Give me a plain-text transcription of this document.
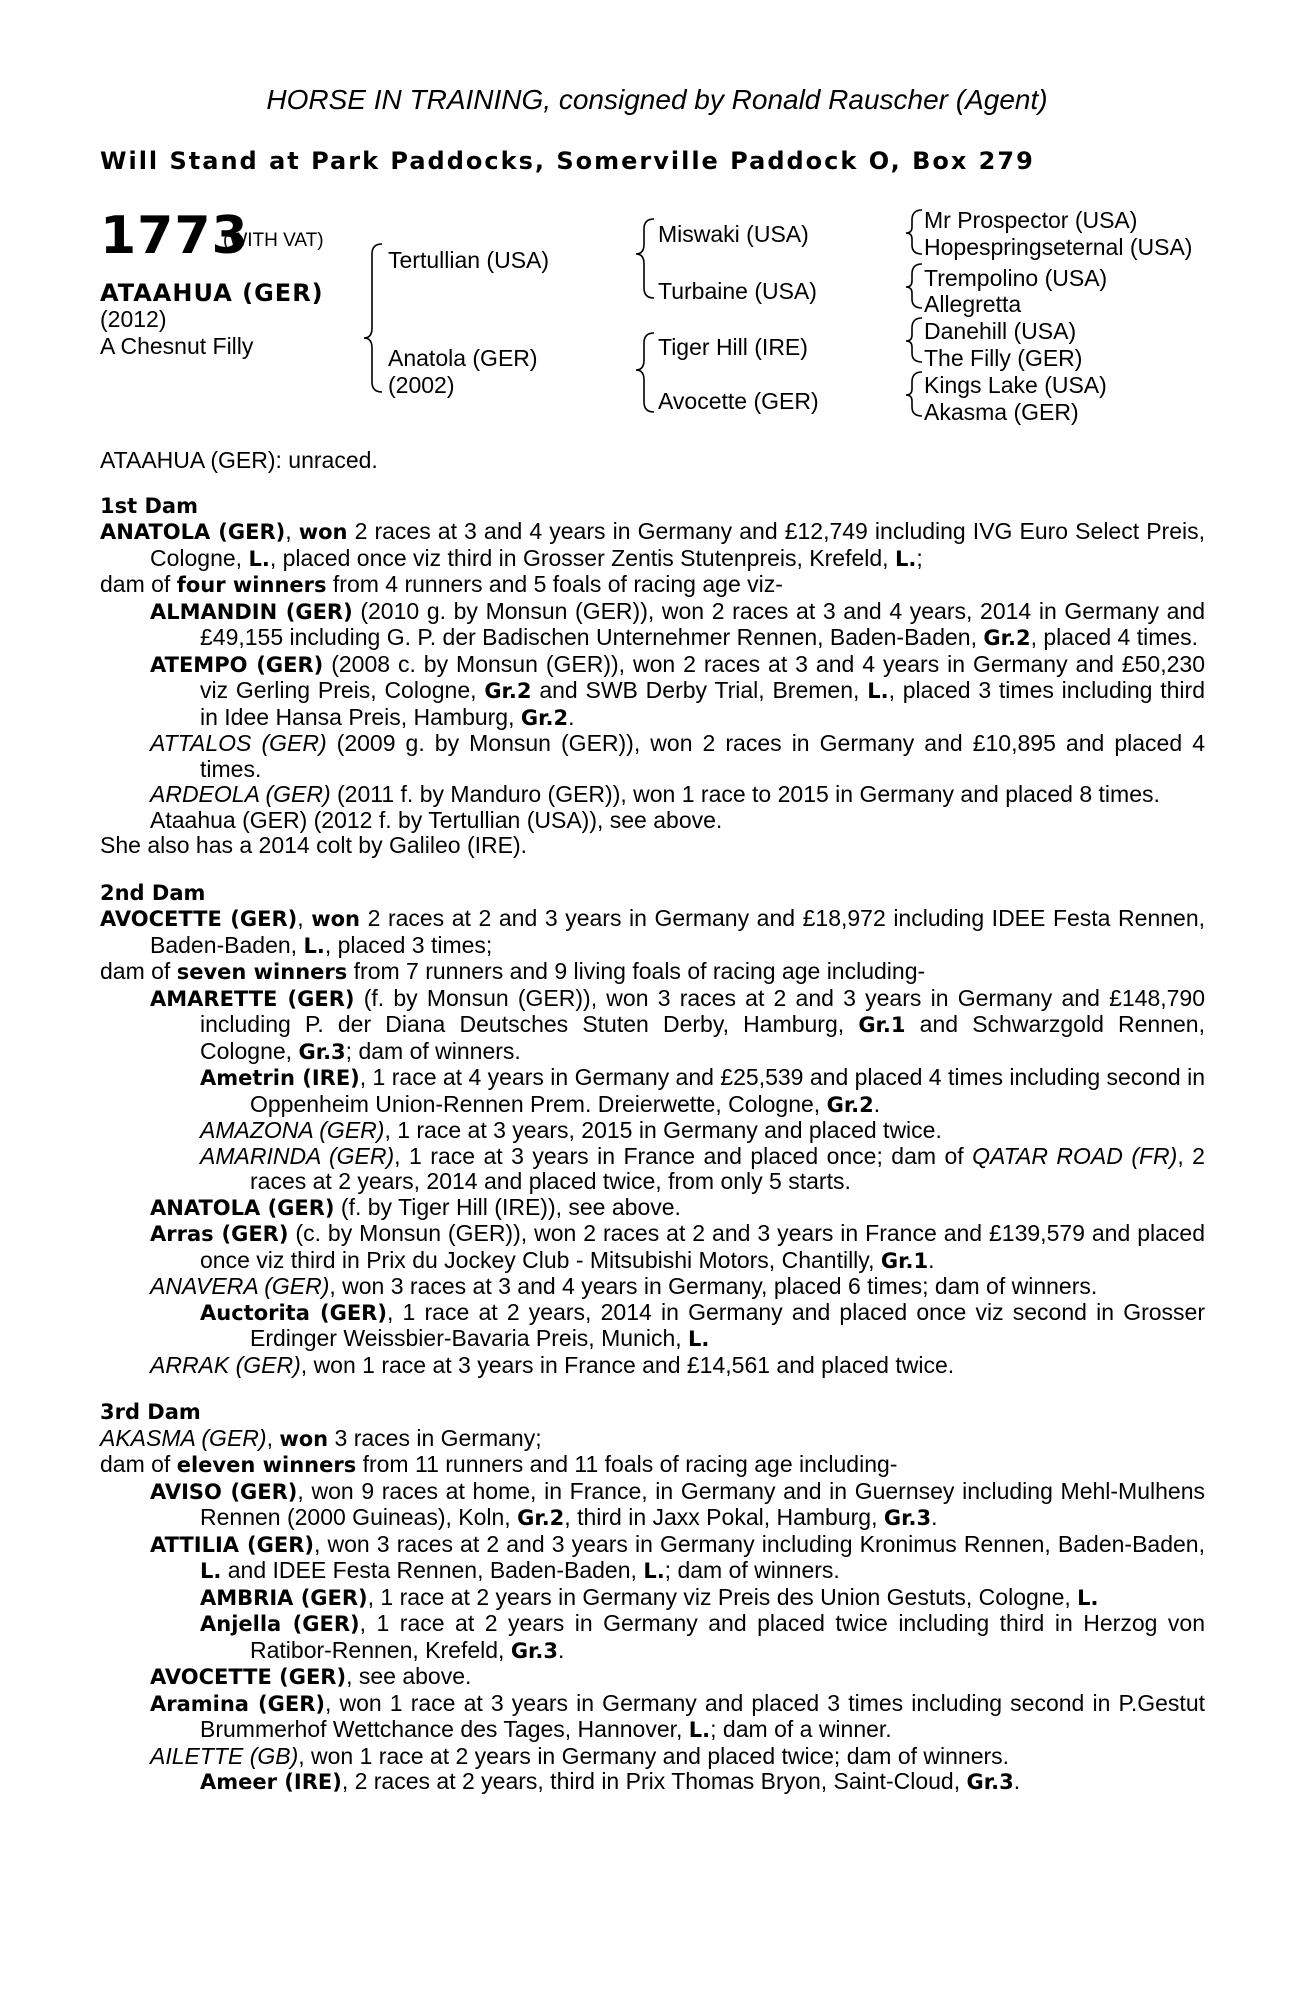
HORSE IN TRAINING, consigned by Ronald Rauscher (Agent)
Will Stand at Park Paddocks, Somerville Paddock O, Box 279
1773
(WITH VAT)
ATAAHUA (GER)
(2012)
A Chesnut Filly
Tertullian (USA)
Anatola (GER)
(2002)
Miswaki (USA)
Turbaine (USA)
Tiger Hill (IRE)
Avocette (GER)
Mr Prospector (USA)
Hopespringseternal (USA)
Trempolino (USA)
Allegretta
Danehill (USA)
The Filly (GER)
Kings Lake (USA)
Akasma (GER)

ATAAHUA (GER): unraced.

1st Dam

ANATOLA (GER), won 2 races at 3 and 4 years in Germany and £12,749 including IVG Euro Select Preis, Cologne, L., placed once viz third in Grosser Zentis Stutenpreis, Krefeld, L.;

dam of four winners from 4 runners and 5 foals of racing age viz-

ALMANDIN (GER) (2010 g. by Monsun (GER)), won 2 races at 3 and 4 years, 2014 in Germany and £49,155 including G. P. der Badischen Unternehmer Rennen, Baden-Baden, Gr.2, placed 4 times.

ATEMPO (GER) (2008 c. by Monsun (GER)), won 2 races at 3 and 4 years in Germany and £50,230 viz Gerling Preis, Cologne, Gr.2 and SWB Derby Trial, Bremen, L., placed 3 times including third in Idee Hansa Preis, Hamburg, Gr.2.

ATTALOS (GER) (2009 g. by Monsun (GER)), won 2 races in Germany and £10,895 and placed 4 times.

ARDEOLA (GER) (2011 f. by Manduro (GER)), won 1 race to 2015 in Germany and placed 8 times.

Ataahua (GER) (2012 f. by Tertullian (USA)), see above.

She also has a 2014 colt by Galileo (IRE).

2nd Dam

AVOCETTE (GER), won 2 races at 2 and 3 years in Germany and £18,972 including IDEE Festa Rennen, Baden-Baden, L., placed 3 times;

dam of seven winners from 7 runners and 9 living foals of racing age including-

AMARETTE (GER) (f. by Monsun (GER)), won 3 races at 2 and 3 years in Germany and £148,790 including P. der Diana Deutsches Stuten Derby, Hamburg, Gr.1 and Schwarzgold Rennen, Cologne, Gr.3; dam of winners.

Ametrin (IRE), 1 race at 4 years in Germany and £25,539 and placed 4 times including second in Oppenheim Union-Rennen Prem. Dreierwette, Cologne, Gr.2.

AMAZONA (GER), 1 race at 3 years, 2015 in Germany and placed twice.

AMARINDA (GER), 1 race at 3 years in France and placed once; dam of QATAR ROAD (FR), 2 races at 2 years, 2014 and placed twice, from only 5 starts.

ANATOLA (GER) (f. by Tiger Hill (IRE)), see above.

Arras (GER) (c. by Monsun (GER)), won 2 races at 2 and 3 years in France and £139,579 and placed once viz third in Prix du Jockey Club - Mitsubishi Motors, Chantilly, Gr.1.

ANAVERA (GER), won 3 races at 3 and 4 years in Germany, placed 6 times; dam of winners.

Auctorita (GER), 1 race at 2 years, 2014 in Germany and placed once viz second in Grosser Erdinger Weissbier-Bavaria Preis, Munich, L.

ARRAK (GER), won 1 race at 3 years in France and £14,561 and placed twice.

3rd Dam

AKASMA (GER), won 3 races in Germany;

dam of eleven winners from 11 runners and 11 foals of racing age including-

AVISO (GER), won 9 races at home, in France, in Germany and in Guernsey including Mehl-Mulhens Rennen (2000 Guineas), Koln, Gr.2, third in Jaxx Pokal, Hamburg, Gr.3.

ATTILIA (GER), won 3 races at 2 and 3 years in Germany including Kronimus Rennen, Baden-Baden, L. and IDEE Festa Rennen, Baden-Baden, L.; dam of winners.

AMBRIA (GER), 1 race at 2 years in Germany viz Preis des Union Gestuts, Cologne, L.

Anjella (GER), 1 race at 2 years in Germany and placed twice including third in Herzog von Ratibor-Rennen, Krefeld, Gr.3.

AVOCETTE (GER), see above.

Aramina (GER), won 1 race at 3 years in Germany and placed 3 times including second in P.Gestut Brummerhof Wettchance des Tages, Hannover, L.; dam of a winner.

AILETTE (GB), won 1 race at 2 years in Germany and placed twice; dam of winners.

Ameer (IRE), 2 races at 2 years, third in Prix Thomas Bryon, Saint-Cloud, Gr.3.
